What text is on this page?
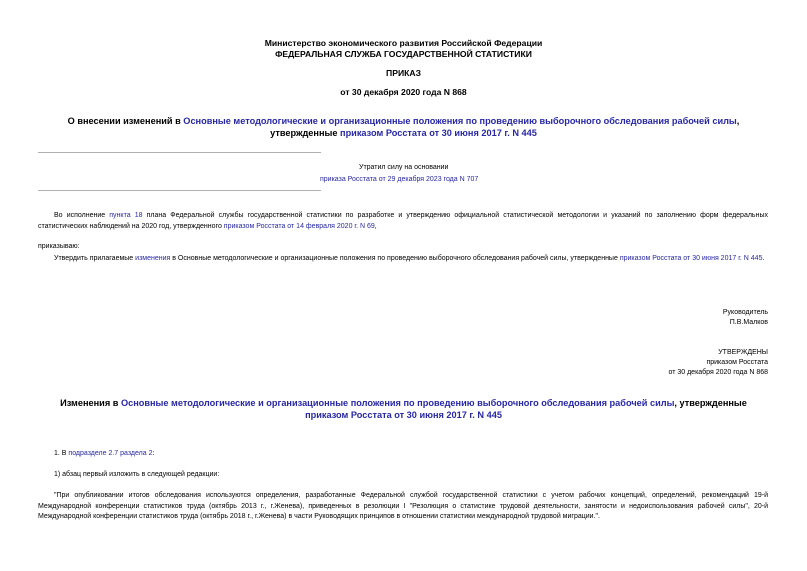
Министерство экономического развития Российской Федерации
ФЕДЕРАЛЬНАЯ СЛУЖБА ГОСУДАРСТВЕННОЙ СТАТИСТИКИ
ПРИКАЗ
от 30 декабря 2020 года N 868
О внесении изменений в Основные методологические и организационные положения по проведению выборочного обследования рабочей силы, утвержденные приказом Росстата от 30 июня 2017 г. N 445
Утратил силу на основании
приказа Росстата от 29 декабря 2023 года N 707
Во исполнение пункта 18 плана Федеральной службы государственной статистики по разработке и утверждению официальной статистической методологии и указаний по заполнению форм федеральных статистических наблюдений на 2020 год, утвержденного приказом Росстата от 14 февраля 2020 г. N 69,
приказываю:
Утвердить прилагаемые изменения в Основные методологические и организационные положения по проведению выборочного обследования рабочей силы, утвержденные приказом Росстата от 30 июня 2017 г. N 445.
Руководитель
П.В.Малков
УТВЕРЖДЕНЫ
приказом Росстата
от 30 декабря 2020 года N 868
Изменения в Основные методологические и организационные положения по проведению выборочного обследования рабочей силы, утвержденные приказом Росстата от 30 июня 2017 г. N 445
1. В подразделе 2.7 раздела 2:
1) абзац первый изложить в следующей редакции:
"При опубликовании итогов обследования используются определения, разработанные Федеральной службой государственной статистики с учетом рабочих концепций, определений, рекомендаций 19-й Международной конференции статистиков труда (октябрь 2013 г., г.Женева), приведенных в резолюции I "Резолюция о статистике трудовой деятельности, занятости и недоиспользования рабочей силы", 20-й Международной конференции статистиков труда (октябрь 2018 г., г.Женева) в части Руководящих принципов в отношении статистики международной трудовой миграции.".
